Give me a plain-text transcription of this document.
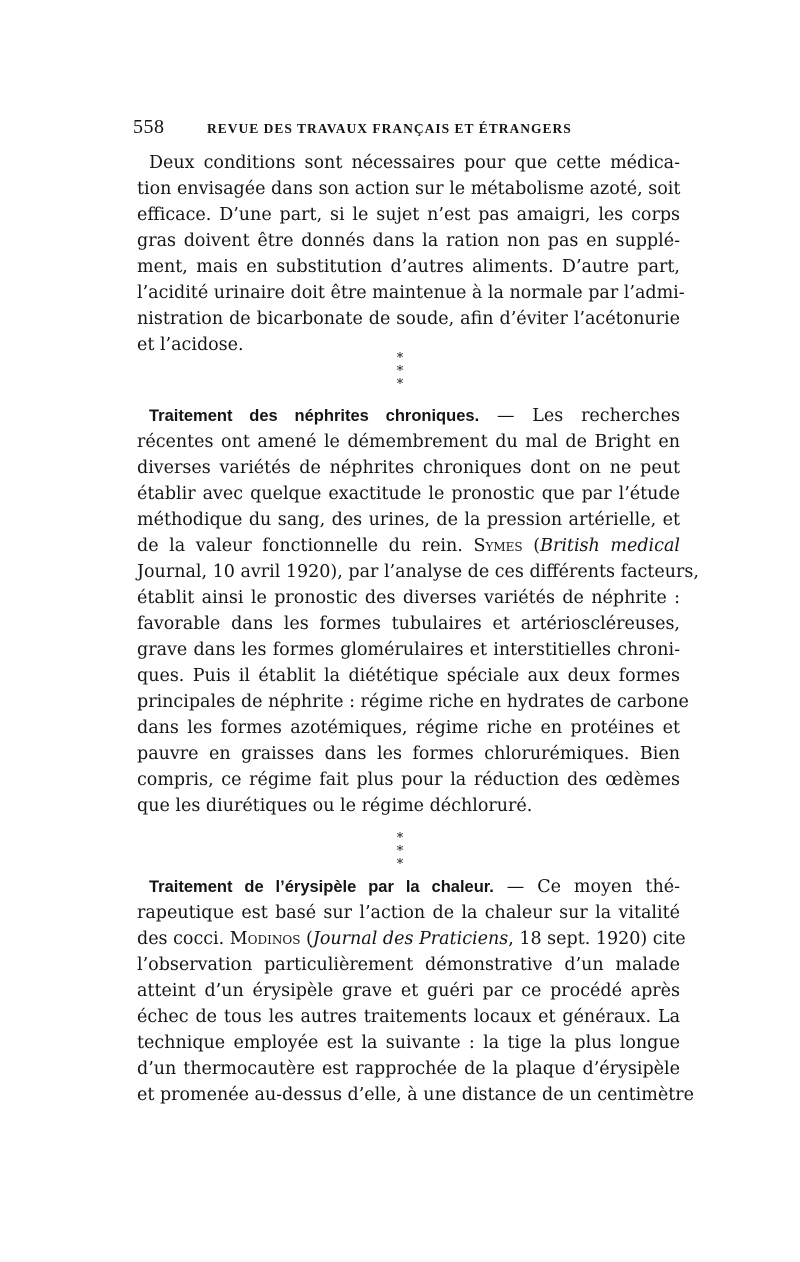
558	REVUE DES TRAVAUX FRANÇAIS ET ÉTRANGERS
Deux conditions sont nécessaires pour que cette médica-
tion envisagée dans son action sur le métabolisme azoté, soit
efficace. D’une part, si le sujet n’est pas amaigri, les corps
gras doivent être donnés dans la ration non pas en supplé-
ment, mais en substitution d’autres aliments. D’autre part,
l’acidité urinaire doit être maintenue à la normale par l’admi-
nistration de bicarbonate de soude, afin d’éviter l’acétonurie
et l’acidose.
*
* *
Traitement des néphrites chroniques. — Les recherches
récentes ont amené le démembrement du mal de Bright en
diverses variétés de néphrites chroniques dont on ne peut
établir avec quelque exactitude le pronostic que par l’étude
méthodique du sang, des urines, de la pression artérielle, et
de la valeur fonctionnelle du rein. Symes (British medical
Journal, 10 avril 1920), par l’analyse de ces différents facteurs,
établit ainsi le pronostic des diverses variétés de néphrite :
favorable dans les formes tubulaires et artérioscléreuses,
grave dans les formes glomérulaires et interstitielles chroni-
ques. Puis il établit la diététique spéciale aux deux formes
principales de néphrite : régime riche en hydrates de carbone
dans les formes azotémiques, régime riche en protéines et
pauvre en graisses dans les formes chlorurémiques. Bien
compris, ce régime fait plus pour la réduction des œdèmes
que les diurétiques ou le régime déchloruré.
*
* *
Traitement de l’érysipèle par la chaleur. — Ce moyen thé-
rapeutique est basé sur l’action de la chaleur sur la vitalité
des cocci. Modinos (Journal des Praticiens, 18 sept. 1920) cite
l’observation particulièrement démonstrative d’un malade
atteint d’un érysipèle grave et guéri par ce procédé après
échec de tous les autres traitements locaux et généraux. La
technique employée est la suivante : la tige la plus longue
d’un thermocautère est rapprochée de la plaque d’érysipèle
et promenée au-dessus d’elle, à une distance de un centimètre
